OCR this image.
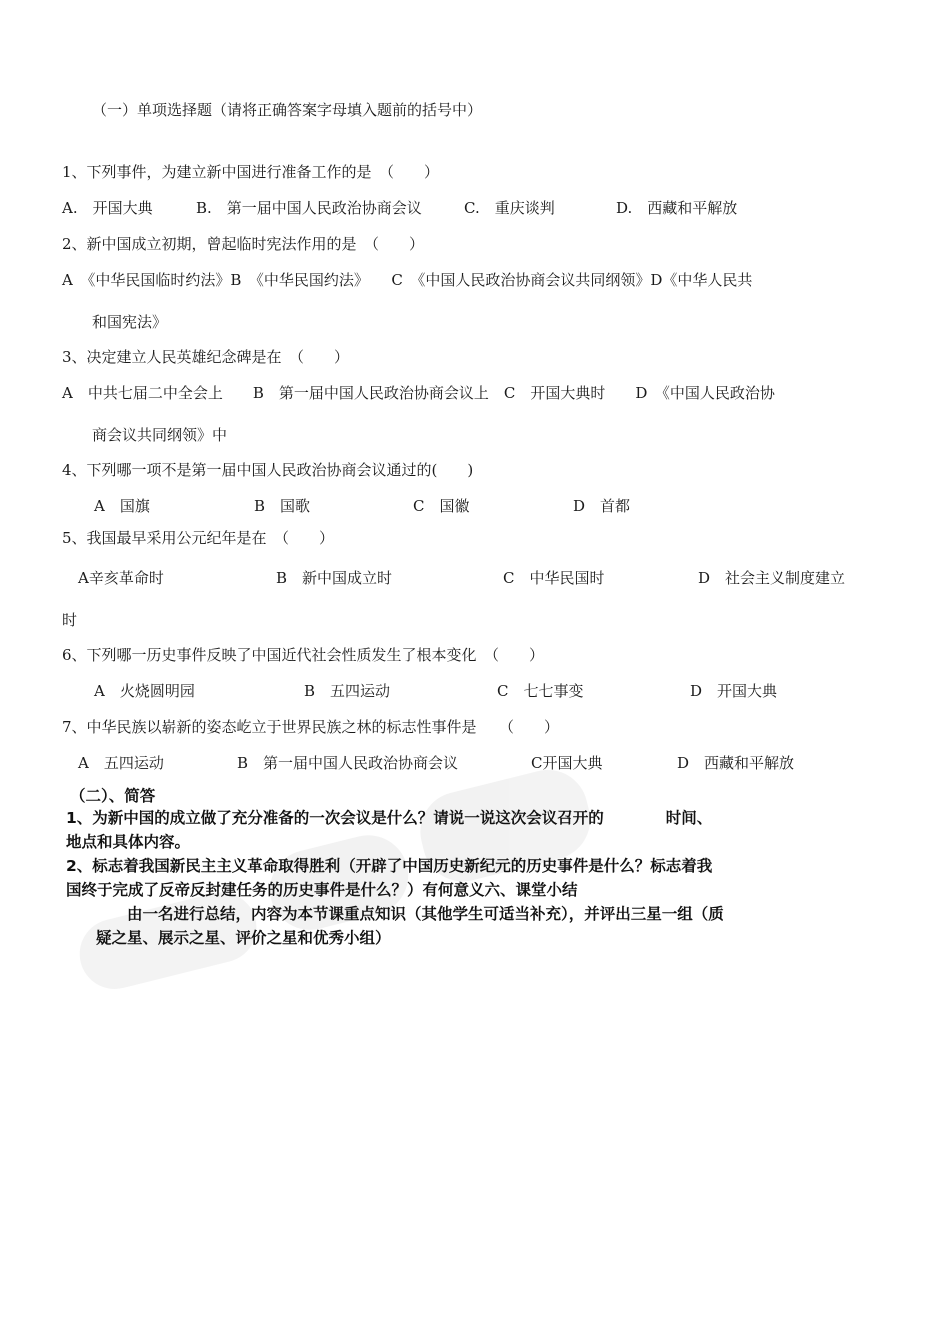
（一）单项选择题（请将正确答案字母填入题前的括号中）
1、下列事件，为建立新中国进行准备工作的是　（　　）
A.　开国大典	B.　第一届中国人民政治协商会议	C.　重庆谈判	D.　西藏和平解放
2、新中国成立初期，曾起临时宪法作用的是　（　　）
A　《中华民国临时约法》B　《中华民国约法》　　C　《中国人民政治协商会议共同纲领》D《中华人民共
和国宪法》
3、决定建立人民英雄纪念碑是在　（　　）
A　中共七届二中全会上　　B　第一届中国人民政治协商会议上　C　开国大典时　　D　《中国人民政治协
商会议共同纲领》中
4、下列哪一项不是第一届中国人民政治协商会议通过的(　　)
A　国旗	B　国歌	C　国徽	D　首都
5、我国最早采用公元纪年是在　（　　）
A辛亥革命时	B　新中国成立时	C　中华民国时	D　社会主义制度建立
时
6、下列哪一历史事件反映了中国近代社会性质发生了根本变化　（　　）
A　火烧圆明园	B　五四运动	C　七七事变	D　开国大典
7、中华民族以崭新的姿态屹立于世界民族之林的标志性事件是　　（　　）
A　五四运动	B　第一届中国人民政治协商会议	C开国大典	D　西藏和平解放
（二）、简答
1、为新中国的成立做了充分准备的一次会议是什么？请说一说这次会议召开的　　　　时间、
地点和具体内容。
2、标志着我国新民主主义革命取得胜利（开辟了中国历史新纪元的历史事件是什么？标志着我
国终于完成了反帝反封建任务的历史事件是什么？）有何意义六、课堂小结
　　由一名进行总结，内容为本节课重点知识（其他学生可适当补充），并评出三星一组（质
疑之星、展示之星、评价之星和优秀小组）
